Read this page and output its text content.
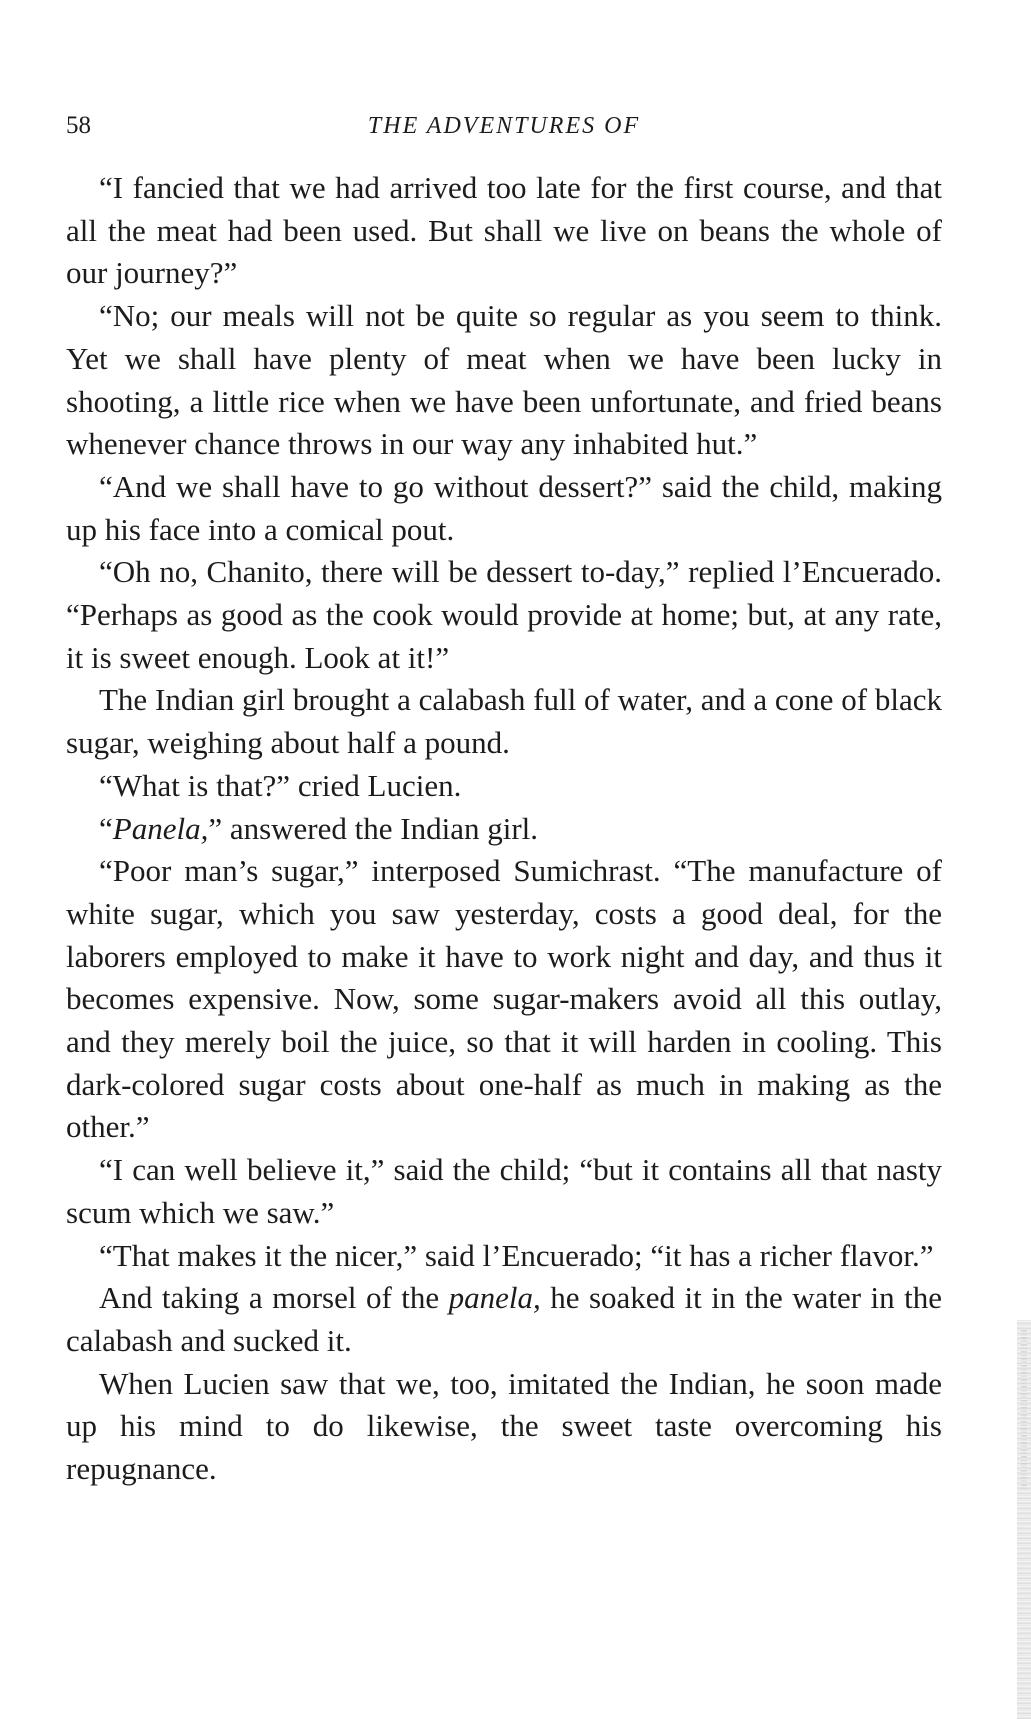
58	THE ADVENTURES OF

“I fancied that we had arrived too late for the first course, and that all the meat had been used. But shall we live on beans the whole of our journey?”

“No; our meals will not be quite so regular as you seem to think. Yet we shall have plenty of meat when we have been lucky in shooting, a little rice when we have been unfortunate, and fried beans whenever chance throws in our way any inhabited hut.”

“And we shall have to go without dessert?” said the child, making up his face into a comical pout.

“Oh no, Chanito, there will be dessert to-day,” replied l’Encuerado. “Perhaps as good as the cook would provide at home; but, at any rate, it is sweet enough. Look at it!”

The Indian girl brought a calabash full of water, and a cone of black sugar, weighing about half a pound.

“What is that?” cried Lucien.

“Panela,” answered the Indian girl.

“Poor man’s sugar,” interposed Sumichrast. “The manufacture of white sugar, which you saw yesterday, costs a good deal, for the laborers employed to make it have to work night and day, and thus it becomes expensive. Now, some sugar-makers avoid all this outlay, and they merely boil the juice, so that it will harden in cooling. This dark-colored sugar costs about one-half as much in making as the other.”

“I can well believe it,” said the child; “but it contains all that nasty scum which we saw.”

“That makes it the nicer,” said l’Encuerado; “it has a richer flavor.”

And taking a morsel of the panela, he soaked it in the water in the calabash and sucked it.

When Lucien saw that we, too, imitated the Indian, he soon made up his mind to do likewise, the sweet taste overcoming his repugnance.
